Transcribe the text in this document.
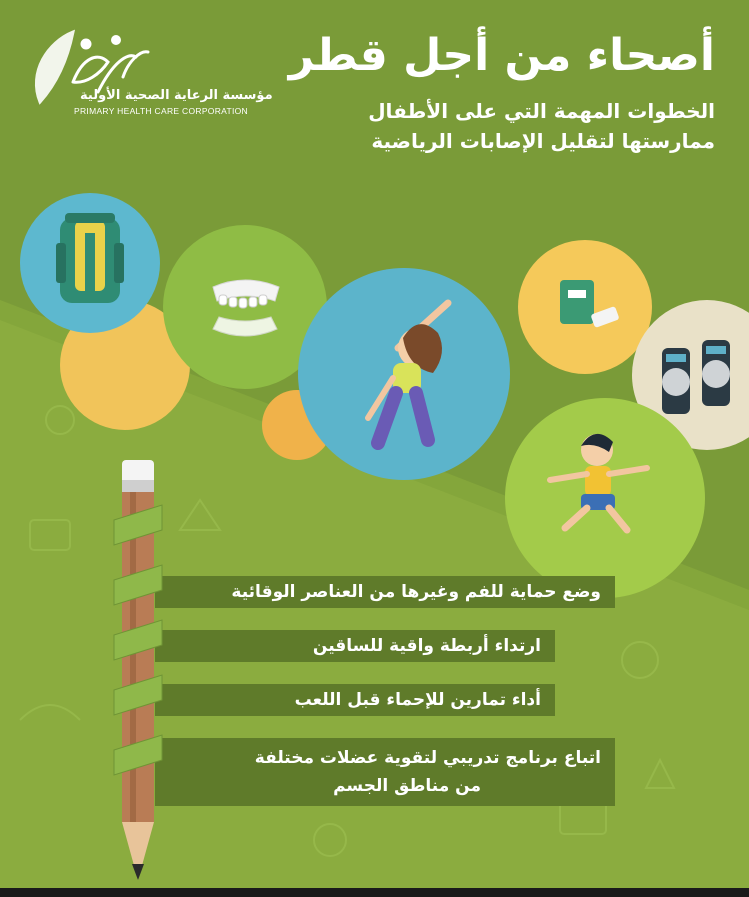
مؤسسة الرعاية الصحية الأولية
PRIMARY HEALTH CARE CORPORATION
أصحاء من أجل قطر
الخطوات المهمة التي على الأطفال
ممارستها لتقليل الإصابات الرياضية
وضع حماية للفم وغيرها من العناصر الوقائية
ارتداء أربطة واقية للساقين
أداء تمارين للإحماء قبل اللعب
اتباع برنامج تدريبي لتقوية عضلات مختلفة
من مناطق الجسم
